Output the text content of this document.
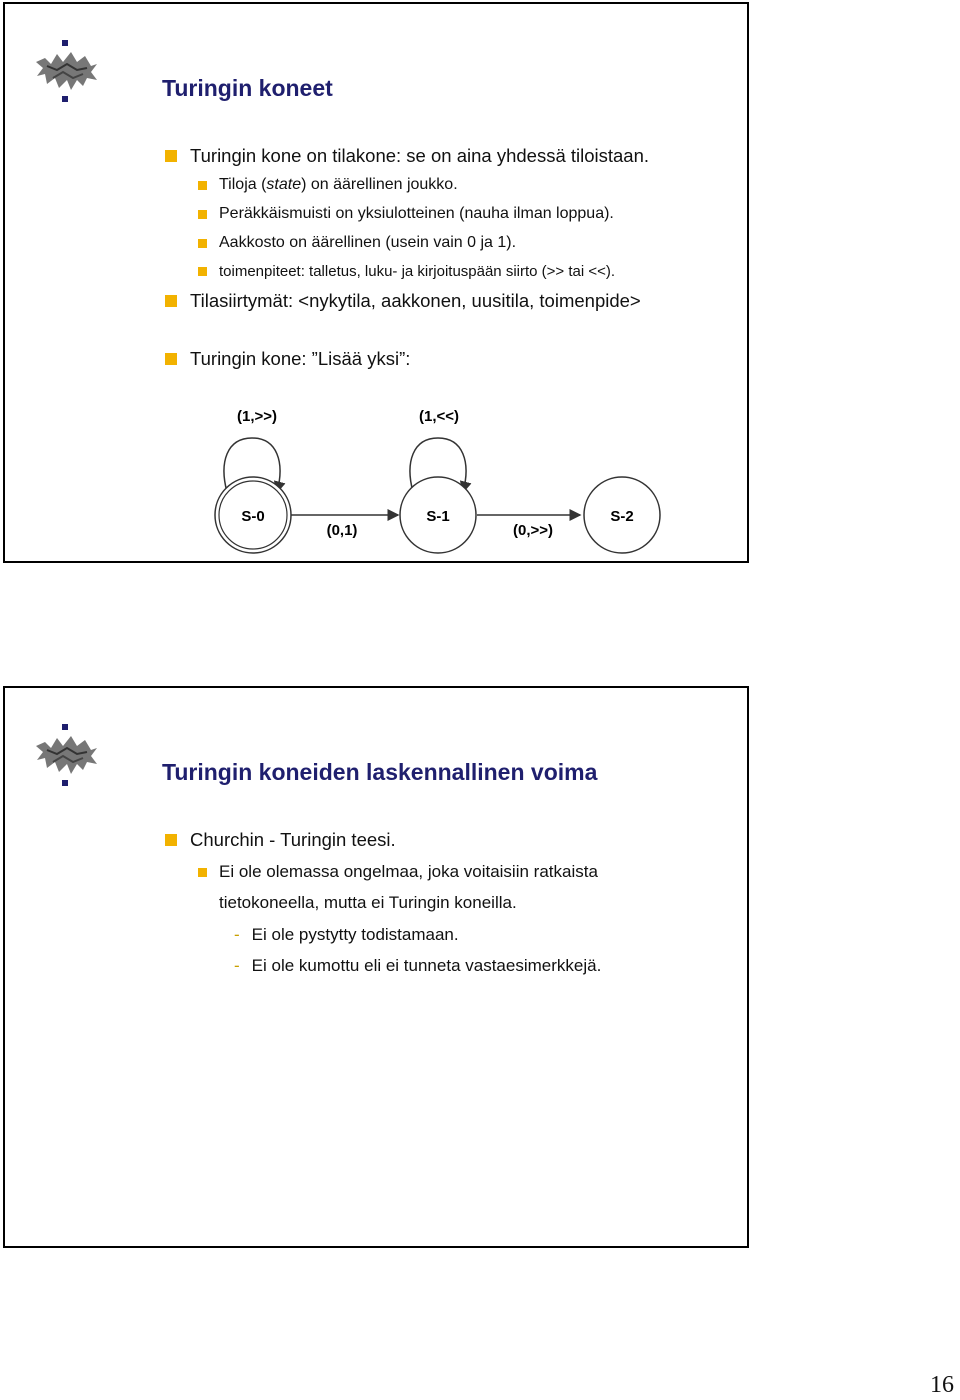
Turingin koneet
Turingin kone on tilakone: se on aina yhdessä tiloistaan.
Tiloja (state) on äärellinen joukko.
Peräkkäismuisti on yksiulotteinen (nauha ilman loppua).
Aakkosto on äärellinen (usein vain 0 ja 1).
toimenpiteet: talletus, luku- ja kirjoituspään siirto (>> tai <<).
Tilasiirtymät: <nykytila, aakkonen, uusitila, toimenpide>
Turingin kone: ”Lisää yksi”:
S-0	S-1	S-2
(1,>>)	(1,<<)
(0,1)	(0,>>)
Turingin koneiden laskennallinen voima
Churchin - Turingin teesi.
Ei ole olemassa ongelmaa, joka voitaisiin ratkaista
tietokoneella, mutta ei Turingin koneilla.
- Ei ole pystytty todistamaan.
- Ei ole kumottu eli ei tunneta vastaesimerkkejä.
16
